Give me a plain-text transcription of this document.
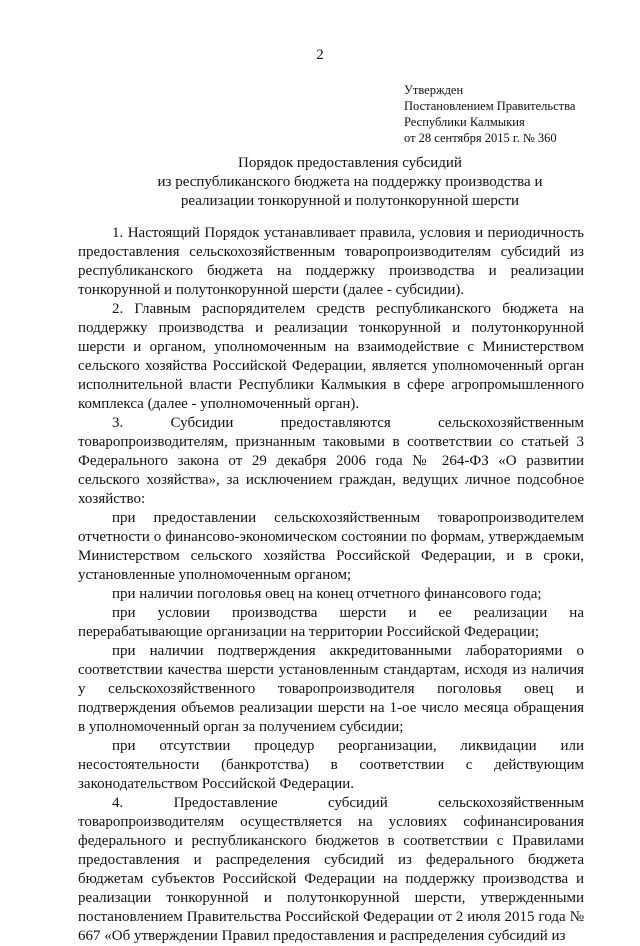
2
Утвержден
Постановлением Правительства
Республики Калмыкия
от 28 сентября 2015 г. № 360
Порядок предоставления субсидий
из республиканского бюджета на поддержку производства и
реализации тонкорунной и полутонкорунной шерсти

1. Настоящий Порядок устанавливает правила, условия и периодичность предоставления сельскохозяйственным товаропроизводителям субсидий из республиканского бюджета на поддержку производства и реализации тонкорунной и полутонкорунной шерсти (далее - субсидии).

2. Главным распорядителем средств республиканского бюджета на поддержку производства и реализации тонкорунной и полутонкорунной шерсти и органом, уполномоченным на взаимодействие с Министерством сельского хозяйства Российской Федерации, является уполномоченный орган исполнительной власти Республики Калмыкия в сфере агропромышленного комплекса (далее - уполномоченный орган).

3. Субсидии предоставляются сельскохозяйственным товаропроизводителям, признанным таковыми в соответствии со статьей 3 Федерального закона от 29 декабря 2006 года № 264-ФЗ «О развитии сельского хозяйства», за исключением граждан, ведущих личное подсобное хозяйство:

при предоставлении сельскохозяйственным товаропроизводителем отчетности о финансово-экономическом состоянии по формам, утверждаемым Министерством сельского хозяйства Российской Федерации, и в сроки, установленные уполномоченным органом;

при наличии поголовья овец на конец отчетного финансового года;

при условии производства шерсти и ее реализации на перерабатывающие организации на территории Российской Федерации;

при наличии подтверждения аккредитованными лабораториями о соответствии качества шерсти установленным стандартам, исходя из наличия у сельскохозяйственного товаропроизводителя поголовья овец и подтверждения объемов реализации шерсти на 1-ое число месяца обращения в уполномоченный орган за получением субсидии;

при отсутствии процедур реорганизации, ликвидации или несостоятельности (банкротства) в соответствии с действующим законодательством Российской Федерации.

4. Предоставление субсидий сельскохозяйственным товаропроизводителям осуществляется на условиях софинансирования федерального и республиканского бюджетов в соответствии с Правилами предоставления и распределения субсидий из федерального бюджета бюджетам субъектов Российской Федерации на поддержку производства и реализации тонкорунной и полутонкорунной шерсти, утвержденными постановлением Правительства Российской Федерации от 2 июля 2015 года № 667 «Об утверждении Правил предоставления и распределения субсидий из
